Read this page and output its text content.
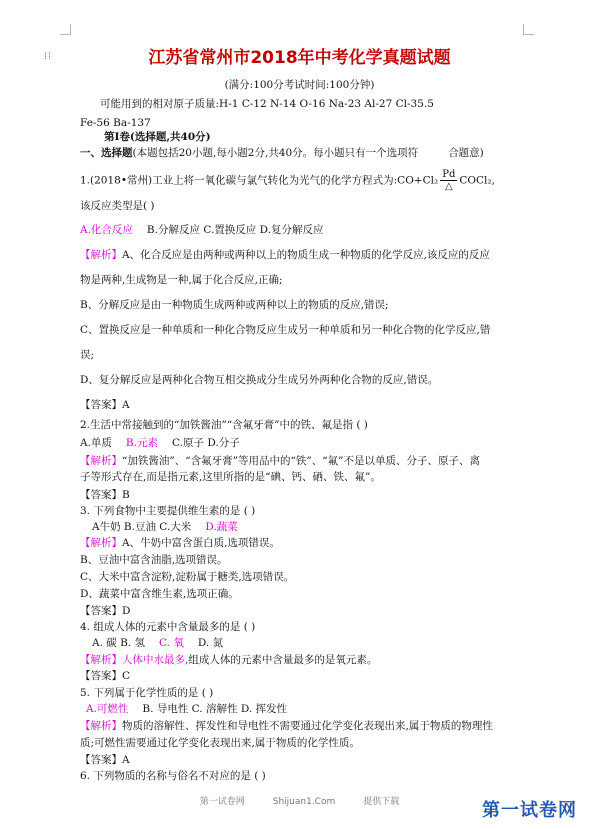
⁞⁞	江苏省常州市2018年中考化学真题试题
(满分:100分考试时间:100分钟)
可能用到的相对原子质量:H-1 C-12 N-14 O-16 Na-23 Al-27 Cl-35.5
Fe-56 Ba-137
第Ⅰ卷(选择题,共40分)
一、选择题(本题包括20小题,每小题2分,共40分。每小题只有一个选项符	合题意)
1.(2018•常州)工业上将一氧化碳与氯气转化为光气的化学方程式为:CO+Cl₂ $\frac{Pd}{\triangle}$ COCl₂,
该反应类型是( )
A.化合反应 B.分解反应 C.置换反应 D.复分解反应
【解析】A、化合反应是由两种或两种以上的物质生成一种物质的化学反应,该反应的反应
物是两种,生成物是一种,属于化合反应,正确;
B、分解反应是由一种物质生成两种或两种以上的物质的反应,错误;
C、置换反应是一种单质和一种化合物反应生成另一种单质和另一种化合物的化学反应,错
误;
D、复分解反应是两种化合物互相交换成分生成另外两种化合物的反应,错误。
【答案】A
2.生活中常接触到的“加铁酱油”“含氟牙膏”中的铁、氟是指 ( )
A.单质 B.元素 C.原子 D.分子
【解析】“加铁酱油”、“含氟牙膏”等用品中的“铁”、“氟”不是以单质、分子、原子、离
子等形式存在,而是指元素,这里所指的是“碘、钙、硒、铁、氟”。
【答案】B
3. 下列食物中主要提供维生素的是 ( )
A牛奶 B.豆油 C.大米 D.蔬菜
【解析】A、牛奶中富含蛋白质,选项错误。
B、豆油中富含油脂,选项错误。
C、大米中富含淀粉,淀粉属于糖类,选项错误。
D、蔬菜中富含维生素,选项正确。
【答案】D
4. 组成人体的元素中含量最多的是 ( )
A. 碳 B. 氢 C. 氧 D. 氮
【解析】人体中水最多,组成人体的元素中含量最多的是氧元素。
【答案】C
5. 下列属于化学性质的是 ( )
A.可燃性 B. 导电性 C. 溶解性 D. 挥发性
【解析】物质的溶解性、挥发性和导电性不需要通过化学变化表现出来,属于物质的物理性
质;可燃性需要通过化学变化表现出来,属于物质的化学性质。
【答案】A
6. 下列物质的名称与俗名不对应的是 ( )
第一试卷网	Shijuan1.Com	提供下载	第一试卷网
